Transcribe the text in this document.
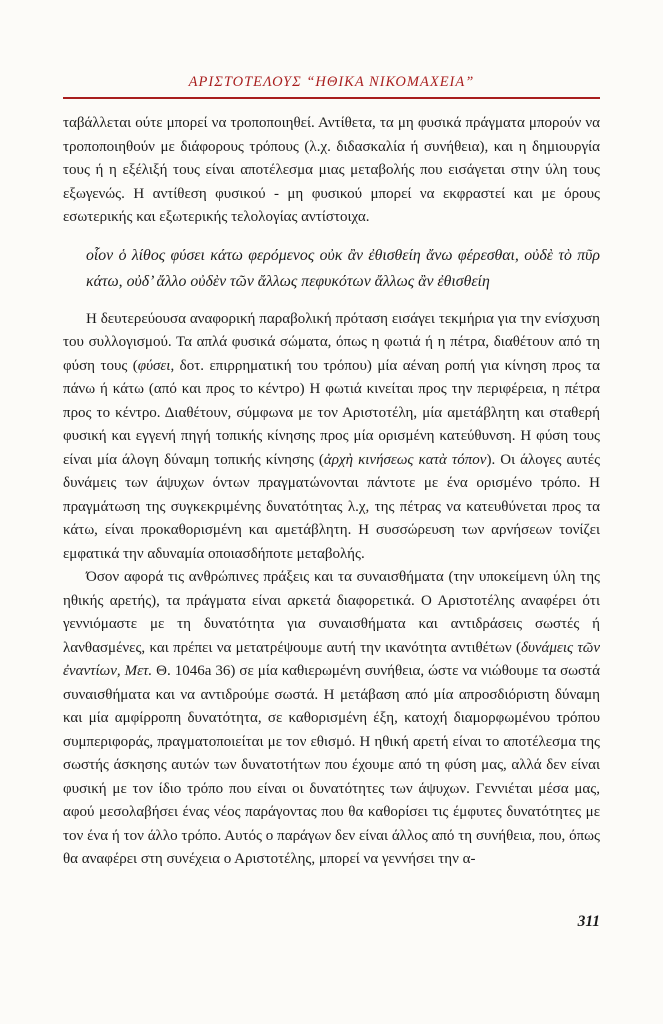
ΑΡΙΣΤΟΤΕΛΟΥΣ “ΗΘΙΚΑ ΝΙΚΟΜΑΧΕΙΑ”

ταβάλλεται ούτε μπορεί να τροποποιηθεί. Αντίθετα, τα μη φυσικά πράγματα μπορούν να τροποποιηθούν με διάφορους τρόπους (λ.χ. διδασκαλία ή συνήθεια), και η δημιουργία τους ή η εξέλιξή τους είναι αποτέλεσμα μιας μεταβολής που εισάγεται στην ύλη τους εξωγενώς. Η αντίθεση φυσικού - μη φυσικού μπορεί να εκφραστεί και με όρους εσωτερικής και εξωτερικής τελολογίας αντίστοιχα.

οἷον ὁ λίθος φύσει κάτω φερόμενος οὐκ ἂν ἐθισθείη ἄνω φέρεσθαι, οὐδὲ τὸ πῦρ κάτω, οὐδ’ ἄλλο οὐδὲν τῶν ἄλλως πεφυκότων ἄλλως ἂν ἐθισθείη

Η δευτερεύουσα αναφορική παραβολική πρόταση εισάγει τεκμήρια για την ενίσχυση του συλλογισμού. Τα απλά φυσικά σώματα, όπως η φωτιά ή η πέτρα, διαθέτουν από τη φύση τους (φύσει, δοτ. επιρρηματική του τρόπου) μία αέναη ροπή για κίνηση προς τα πάνω ή κάτω (από και προς το κέντρο) Η φωτιά κινείται προς την περιφέρεια, η πέτρα προς το κέντρο. Διαθέτουν, σύμφωνα με τον Αριστοτέλη, μία αμετάβλητη και σταθερή φυσική και εγγενή πηγή τοπικής κίνησης προς μία ορισμένη κατεύθυνση. Η φύση τους είναι μία άλογη δύναμη τοπικής κίνησης (ἀρχὴ κινήσεως κατὰ τόπον). Οι άλογες αυτές δυνάμεις των άψυχων όντων πραγματώνονται πάντοτε με ένα ορισμένο τρόπο. Η πραγμάτωση της συγκεκριμένης δυνατότητας λ.χ, της πέτρας να κατευθύνεται προς τα κάτω, είναι προκαθορισμένη και αμετάβλητη. Η συσσώρευση των αρνήσεων τονίζει εμφατικά την αδυναμία οποιασδήποτε μεταβολής.

Όσον αφορά τις ανθρώπινες πράξεις και τα συναισθήματα (την υποκείμενη ύλη της ηθικής αρετής), τα πράγματα είναι αρκετά διαφορετικά. Ο Αριστοτέλης αναφέρει ότι γεννιόμαστε με τη δυνατότητα για συναισθήματα και αντιδράσεις σωστές ή λανθασμένες, και πρέπει να μετατρέψουμε αυτή την ικανότητα αντιθέτων (δυνάμεις τῶν ἐναντίων, Μετ. Θ. 1046a 36) σε μία καθιερωμένη συνήθεια, ώστε να νιώθουμε τα σωστά συναισθήματα και να αντιδρούμε σωστά. Η μετάβαση από μία απροσδιόριστη δύναμη και μία αμφίρροπη δυνατότητα, σε καθορισμένη έξη, κατοχή διαμορφωμένου τρόπου συμπεριφοράς, πραγματοποιείται με τον εθισμό. Η ηθική αρετή είναι το αποτέλεσμα της σωστής άσκησης αυτών των δυνατοτήτων που έχουμε από τη φύση μας, αλλά δεν είναι φυσική με τον ίδιο τρόπο που είναι οι δυνατότητες των άψυχων. Γεννιέται μέσα μας, αφού μεσολαβήσει ένας νέος παράγοντας που θα καθορίσει τις έμφυτες δυνατότητες με τον ένα ή τον άλλο τρόπο. Αυτός ο παράγων δεν είναι άλλος από τη συνήθεια, που, όπως θα αναφέρει στη συνέχεια ο Αριστοτέλης, μπορεί να γεννήσει την α-

311
